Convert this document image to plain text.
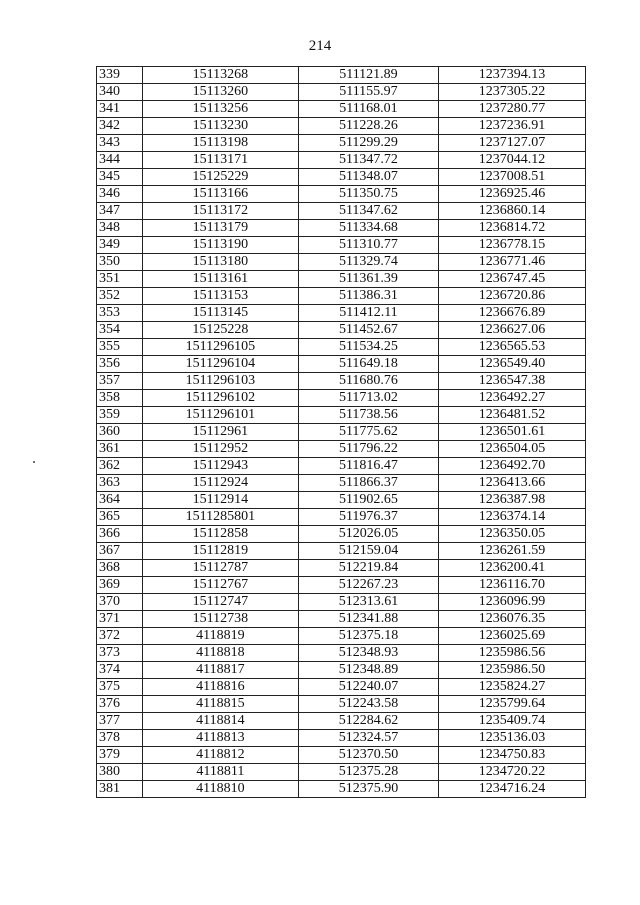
214
339	15113268	511121.89	1237394.13
340	15113260	511155.97	1237305.22
341	15113256	511168.01	1237280.77
342	15113230	511228.26	1237236.91
343	15113198	511299.29	1237127.07
344	15113171	511347.72	1237044.12
345	15125229	511348.07	1237008.51
346	15113166	511350.75	1236925.46
347	15113172	511347.62	1236860.14
348	15113179	511334.68	1236814.72
349	15113190	511310.77	1236778.15
350	15113180	511329.74	1236771.46
351	15113161	511361.39	1236747.45
352	15113153	511386.31	1236720.86
353	15113145	511412.11	1236676.89
354	15125228	511452.67	1236627.06
355	1511296105	511534.25	1236565.53
356	1511296104	511649.18	1236549.40
357	1511296103	511680.76	1236547.38
358	1511296102	511713.02	1236492.27
359	1511296101	511738.56	1236481.52
360	15112961	511775.62	1236501.61
361	15112952	511796.22	1236504.05
362	15112943	511816.47	1236492.70
363	15112924	511866.37	1236413.66
364	15112914	511902.65	1236387.98
365	1511285801	511976.37	1236374.14
366	15112858	512026.05	1236350.05
367	15112819	512159.04	1236261.59
368	15112787	512219.84	1236200.41
369	15112767	512267.23	1236116.70
370	15112747	512313.61	1236096.99
371	15112738	512341.88	1236076.35
372	4118819	512375.18	1236025.69
373	4118818	512348.93	1235986.56
374	4118817	512348.89	1235986.50
375	4118816	512240.07	1235824.27
376	4118815	512243.58	1235799.64
377	4118814	512284.62	1235409.74
378	4118813	512324.57	1235136.03
379	4118812	512370.50	1234750.83
380	4118811	512375.28	1234720.22
381	4118810	512375.90	1234716.24
